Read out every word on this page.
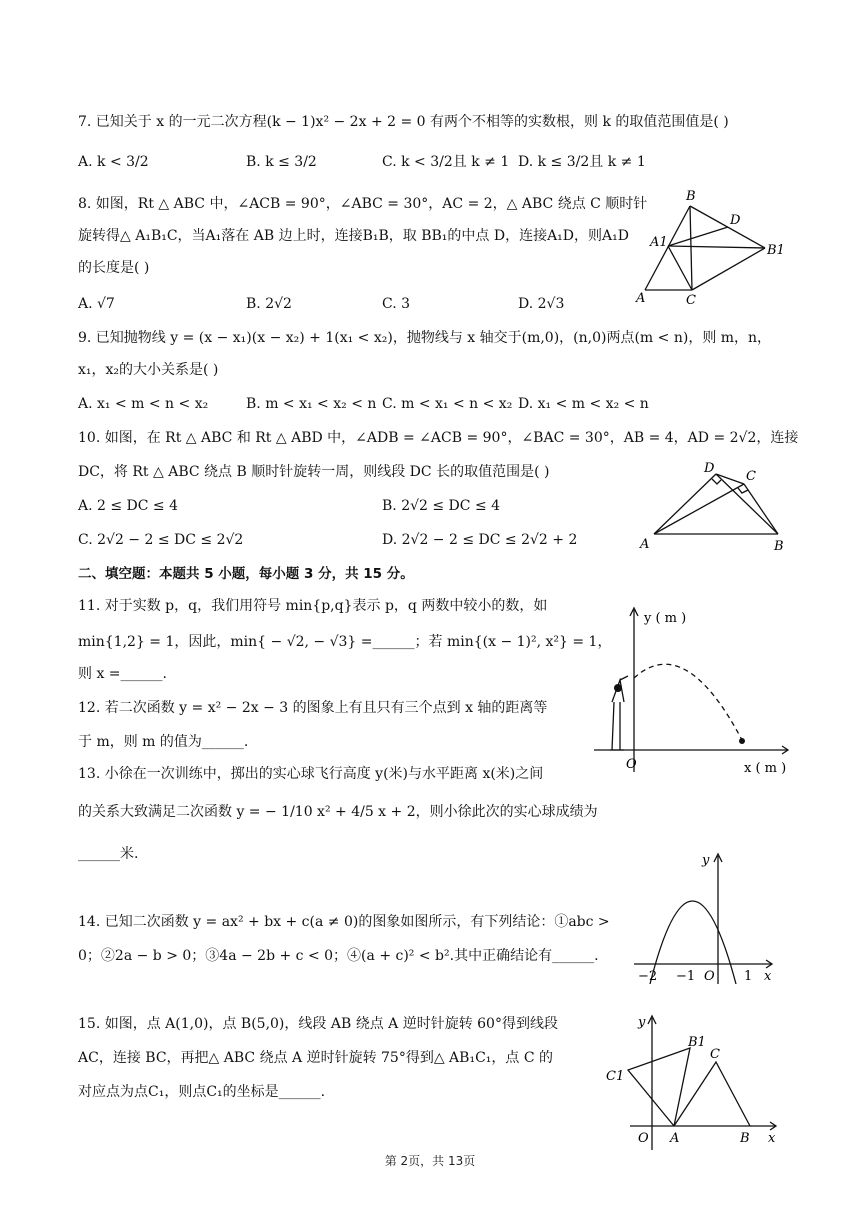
7. 已知关于 x 的一元二次方程(k − 1)x² − 2x + 2 = 0 有两个不相等的实数根，则 k 的取值范围值是( )
A. k < 3/2	B. k ≤ 3/2	C. k < 3/2且 k ≠ 1 D. k ≤ 3/2且 k ≠ 1
8. 如图，Rt △ ABC 中，∠ACB = 90°，∠ABC = 30°，AC = 2，△ ABC 绕点 C 顺时针
旋转得△ A₁B₁C，当A₁落在 AB 边上时，连接B₁B，取 BB₁的中点 D，连接A₁D，则A₁D
的长度是( )
A. √7	B. 2√2	C. 3	D. 2√3
B
D
A1
B1
A	C
9. 已知抛物线 y = (x − x₁)(x − x₂) + 1(x₁ < x₂)，抛物线与 x 轴交于(m,0)，(n,0)两点(m < n)，则 m，n，
x₁，x₂的大小关系是( )
A. x₁ < m < n < x₂	B. m < x₁ < x₂ < n C. m < x₁ < n < x₂ D. x₁ < m < x₂ < n
10. 如图，在 Rt △ ABC 和 Rt △ ABD 中，∠ADB = ∠ACB = 90°，∠BAC = 30°，AB = 4，AD = 2√2，连接
DC，将 Rt △ ABC 绕点 B 顺时针旋转一周，则线段 DC 长的取值范围是( )
A. 2 ≤ DC ≤ 4	B. 2√2 ≤ DC ≤ 4
C. 2√2 − 2 ≤ DC ≤ 2√2	D. 2√2 − 2 ≤ DC ≤ 2√2 + 2
D
C
A	B
二、填空题：本题共 5 小题，每小题 3 分，共 15 分。
11. 对于实数 p，q，我们用符号 min{p,q}表示 p，q 两数中较小的数，如
min{1,2} = 1，因此，min{ − √2, − √3} =______；若 min{(x − 1)², x²} = 1，
则 x =______.
12. 若二次函数 y = x² − 2x − 3 的图象上有且只有三个点到 x 轴的距离等
于 m，则 m 的值为______.
13. 小徐在一次训练中，掷出的实心球飞行高度 y(米)与水平距离 x(米)之间
的关系大致满足二次函数 y = − 1/10 x² + 4/5 x + 2，则小徐此次的实心球成绩为
______米.
y ( m )
O	x ( m )
14. 已知二次函数 y = ax² + bx + c(a ≠ 0)的图象如图所示，有下列结论：①abc >
0；②2a − b > 0；③4a − 2b + c < 0；④(a + c)² < b².其中正确结论有______.
y
−2 −1 O 1 x
15. 如图，点 A(1,0)，点 B(5,0)，线段 AB 绕点 A 逆时针旋转 60°得到线段
AC，连接 BC，再把△ ABC 绕点 A 逆时针旋转 75°得到△ AB₁C₁，点 C 的
对应点为点C₁，则点C₁的坐标是______.
y
B1
C
C1
O A	B x
第 2页，共 13页
